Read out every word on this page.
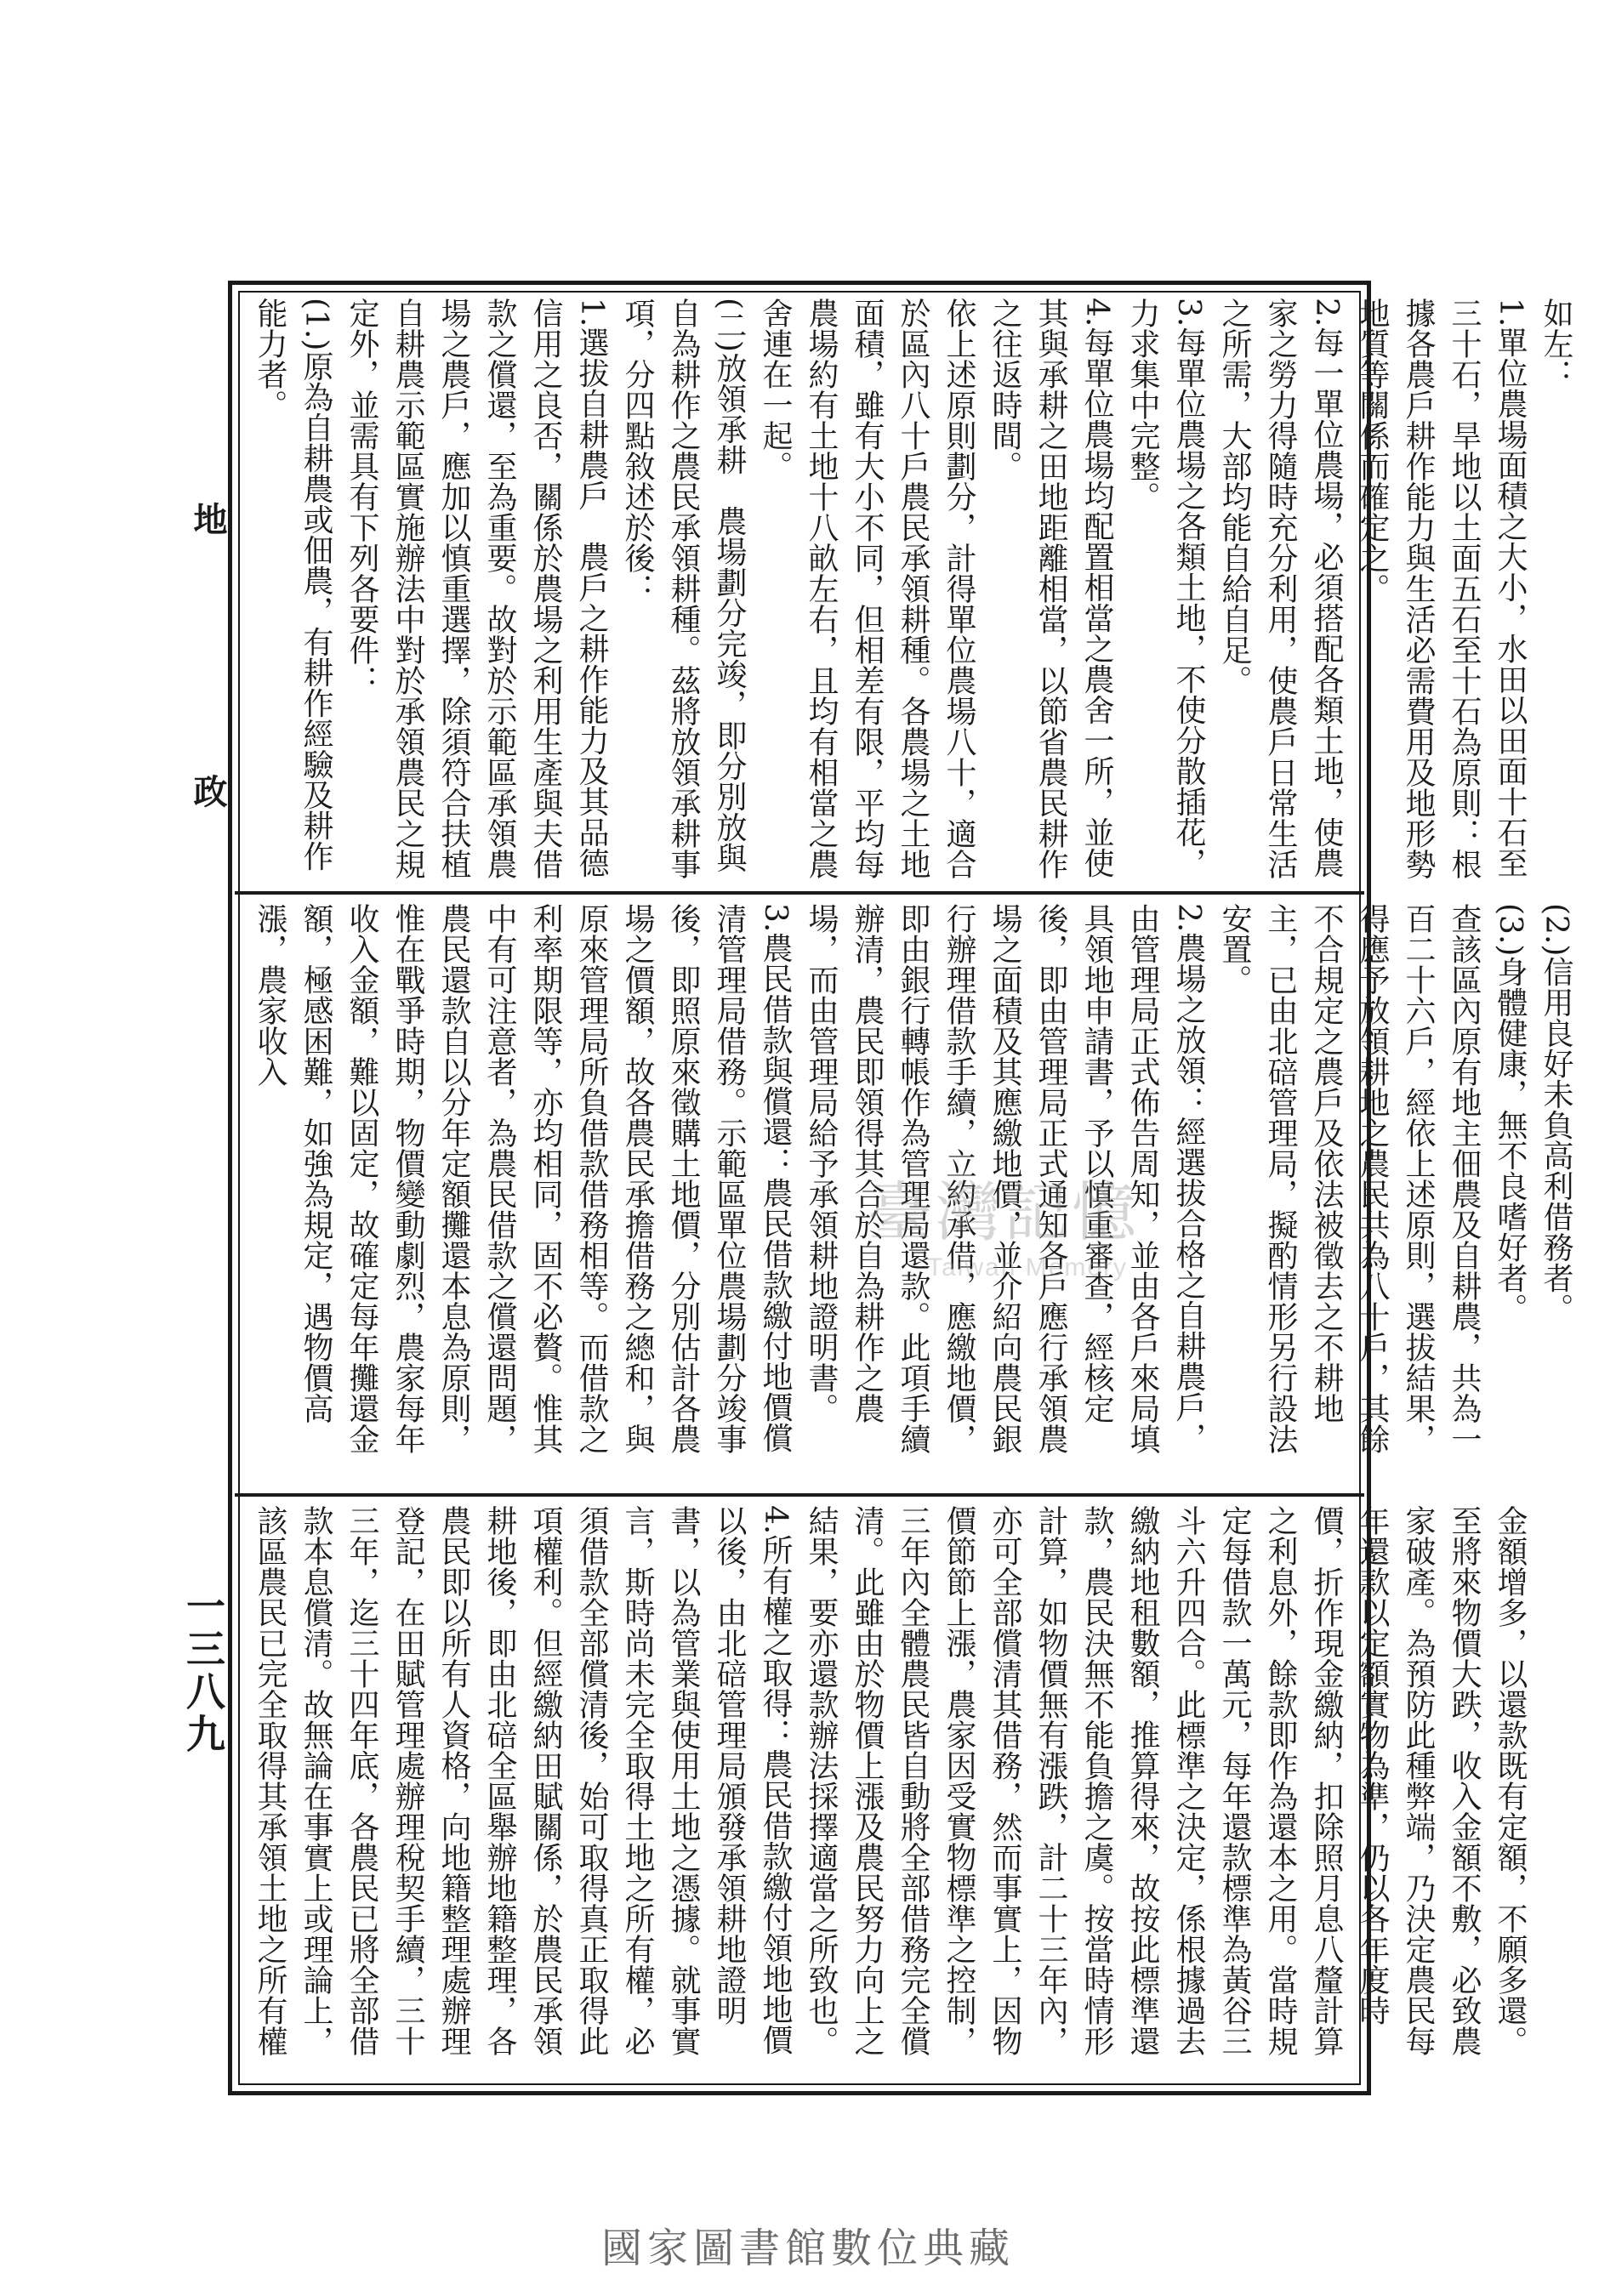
地　政
一三八九

如左：

1.單位農場面積之大小，水田以田面十石至三十石，旱地以土面五石至十石為原則：根據各農戶耕作能力與生活必需費用及地形勢地質等關係而確定之。

2.每一單位農場，必須搭配各類土地，使農家之勞力得隨時充分利用，使農戶日常生活之所需，大部均能自給自足。

3.每單位農場之各類土地，不使分散插花，力求集中完整。

4.每單位農場均配置相當之農舍一所，並使其與承耕之田地距離相當，以節省農民耕作之往返時間。

依上述原則劃分，計得單位農場八十，適合於區內八十戶農民承領耕種。各農場之土地面積，雖有大小不同，但相差有限，平均每農場約有土地十八畝左右，且均有相當之農舍連在一起。

(二)放領承耕　農場劃分完竣，即分別放與自為耕作之農民承領耕種。茲將放領承耕事項，分四點敘述於後：

1.選拔自耕農戶　農戶之耕作能力及其品德信用之良否，關係於農場之利用生產與夫借款之償還，至為重要。故對於示範區承領農場之農戶，應加以慎重選擇，除須符合扶植自耕農示範區實施辦法中對於承領農民之規定外，並需具有下列各要件：

(1.)原為自耕農或佃農，有耕作經驗及耕作能力者。

(2.)信用良好未負高利借務者。

(3.)身體健康，無不良嗜好者。

查該區內原有地主佃農及自耕農，共為一百二十六戶，經依上述原則，選拔結果，得應予放領耕地之農民共為八十戶，其餘不合規定之農戶及依法被徵去之不耕地主，已由北碚管理局，擬酌情形另行設法安置。

2.農場之放領：經選拔合格之自耕農戶，由管理局正式佈告周知，並由各戶來局填具領地申請書，予以慎重審查，經核定後，即由管理局正式通知各戶應行承領農場之面積及其應繳地價，並介紹向農民銀行辦理借款手續，立約承借，應繳地價，即由銀行轉帳作為管理局還款。此項手續辦清，農民即領得其合於自為耕作之農場，而由管理局給予承領耕地證明書。

3.農民借款與償還：農民借款繳付地價償清管理局借務。示範區單位農場劃分竣事後，即照原來徵購土地價，分別估計各農場之價額，故各農民承擔借務之總和，與原來管理局所負借款借務相等。而借款之利率期限等，亦均相同，固不必贅。惟其中有可注意者，為農民借款之償還問題，農民還款自以分年定額攤還本息為原則，惟在戰爭時期，物價變動劇烈，農家每年收入金額，難以固定，故確定每年攤還金額，極感困難，如強為規定，遇物價高漲，農家收入

金額增多，以還款既有定額，不願多還。至將來物價大跌，收入金額不敷，必致農家破產。為預防此種弊端，乃決定農民每年還款以定額實物為準，仍以各年度時價，折作現金繳納，扣除照月息八釐計算之利息外，餘款即作為還本之用。當時規定每借款一萬元，每年還款標準為黃谷三斗六升四合。此標準之決定，係根據過去繳納地租數額，推算得來，故按此標準還款，農民決無不能負擔之虞。按當時情形計算，如物價無有漲跌，計二十三年內，亦可全部償清其借務，然而事實上，因物價節節上漲，農家因受實物標準之控制，三年內全體農民皆自動將全部借務完全償清。此雖由於物價上漲及農民努力向上之結果，要亦還款辦法採擇適當之所致也。

4.所有權之取得：農民借款繳付領地地價以後，由北碚管理局頒發承領耕地證明書，以為管業與使用土地之憑據。就事實言，斯時尚未完全取得土地之所有權，必須借款全部償清後，始可取得真正取得此項權利。但經繳納田賦關係，於農民承領耕地後，即由北碚全區舉辦地籍整理，各農民即以所有人資格，向地籍整理處辦理登記，在田賦管理處辦理稅契手續，三十三年，迄三十四年底，各農民已將全部借款本息償清。故無論在事實上或理論上，該區農民已完全取得其承領土地之所有權

臺灣記憶
Taiwan Memory
國家圖書館數位典藏
